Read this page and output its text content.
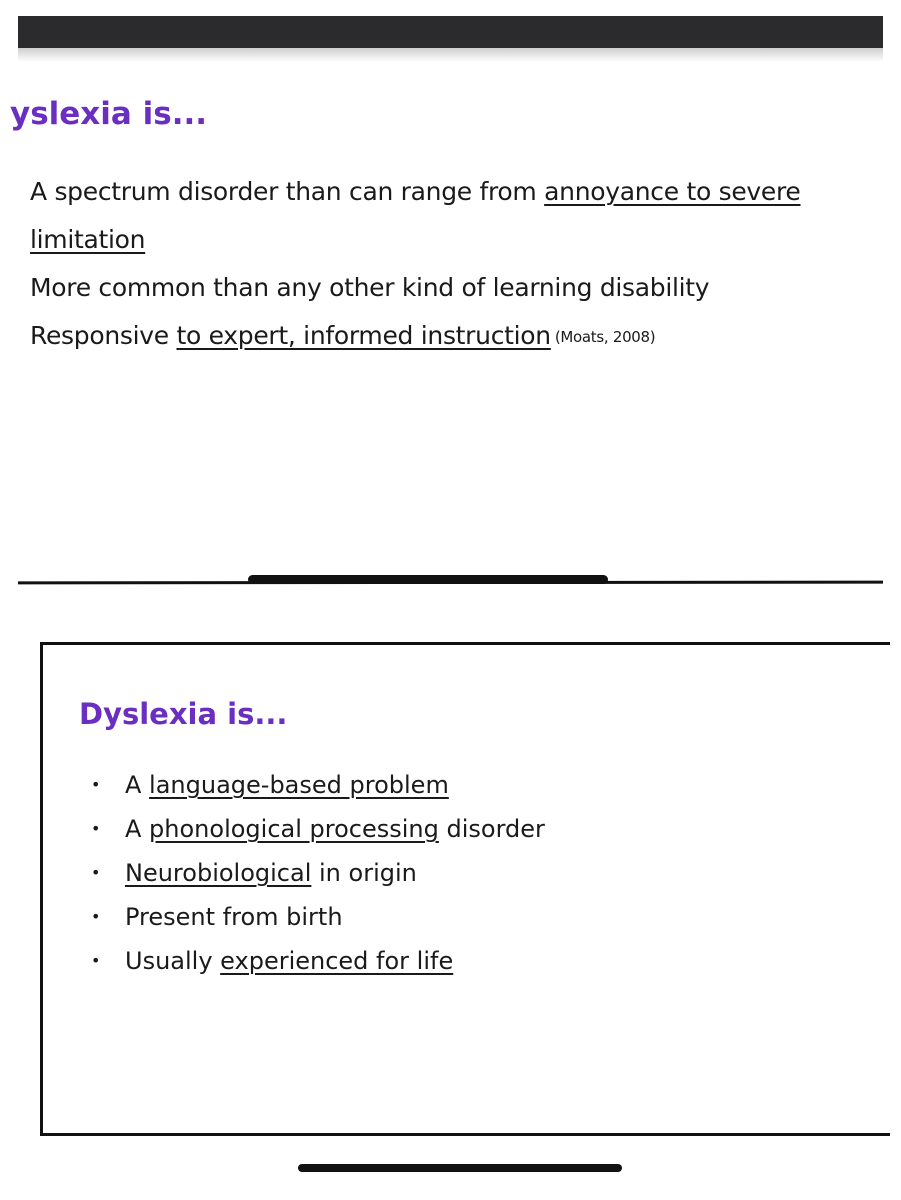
yslexia is...
A spectrum disorder than can range from annoyance to severe limitation
More common than any other kind of learning disability
Responsive to expert, informed instruction (Moats, 2008)
Dyslexia is...
• A language-based problem
• A phonological processing disorder
• Neurobiological in origin
• Present from birth
• Usually experienced for life
